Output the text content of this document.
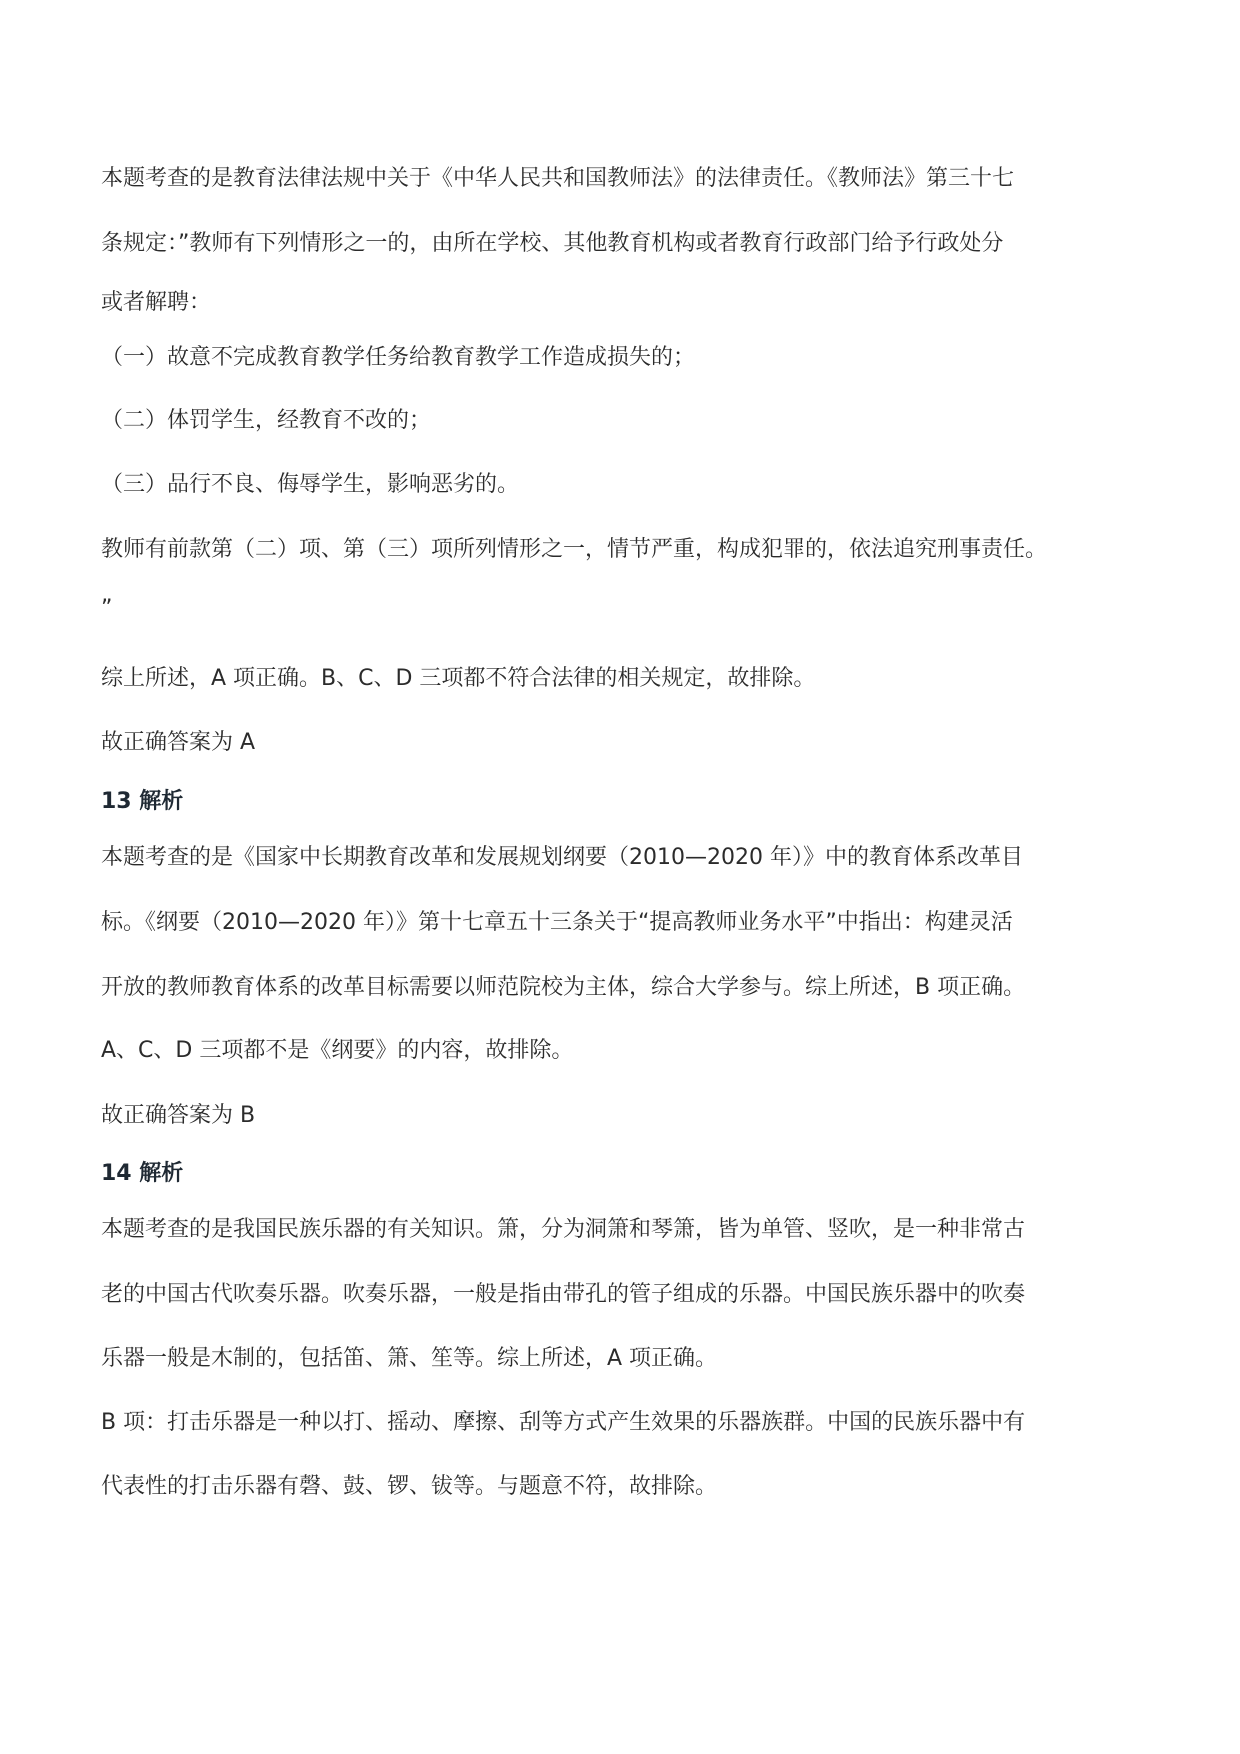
本题考查的是教育法律法规中关于《中华人民共和国教师法》的法律责任。《教师法》第三十七
条规定：”教师有下列情形之一的，由所在学校、其他教育机构或者教育行政部门给予行政处分
或者解聘：
（一）故意不完成教育教学任务给教育教学工作造成损失的；
（二）体罚学生，经教育不改的；
（三）品行不良、侮辱学生，影响恶劣的。
教师有前款第（二）项、第（三）项所列情形之一，情节严重，构成犯罪的，依法追究刑事责任。
”
综上所述，A 项正确。B、C、D 三项都不符合法律的相关规定，故排除。
故正确答案为 A
13 解析
本题考查的是《国家中长期教育改革和发展规划纲要（2010—2020 年）》中的教育体系改革目
标。《纲要（2010—2020 年）》第十七章五十三条关于“提高教师业务水平”中指出：构建灵活
开放的教师教育体系的改革目标需要以师范院校为主体，综合大学参与。综上所述，B 项正确。
A、C、D 三项都不是《纲要》的内容，故排除。
故正确答案为 B
14 解析
本题考查的是我国民族乐器的有关知识。箫，分为洞箫和琴箫，皆为单管、竖吹，是一种非常古
老的中国古代吹奏乐器。吹奏乐器，一般是指由带孔的管子组成的乐器。中国民族乐器中的吹奏
乐器一般是木制的，包括笛、箫、笙等。综上所述，A 项正确。
B 项：打击乐器是一种以打、摇动、摩擦、刮等方式产生效果的乐器族群。中国的民族乐器中有
代表性的打击乐器有磬、鼓、锣、钹等。与题意不符，故排除。
